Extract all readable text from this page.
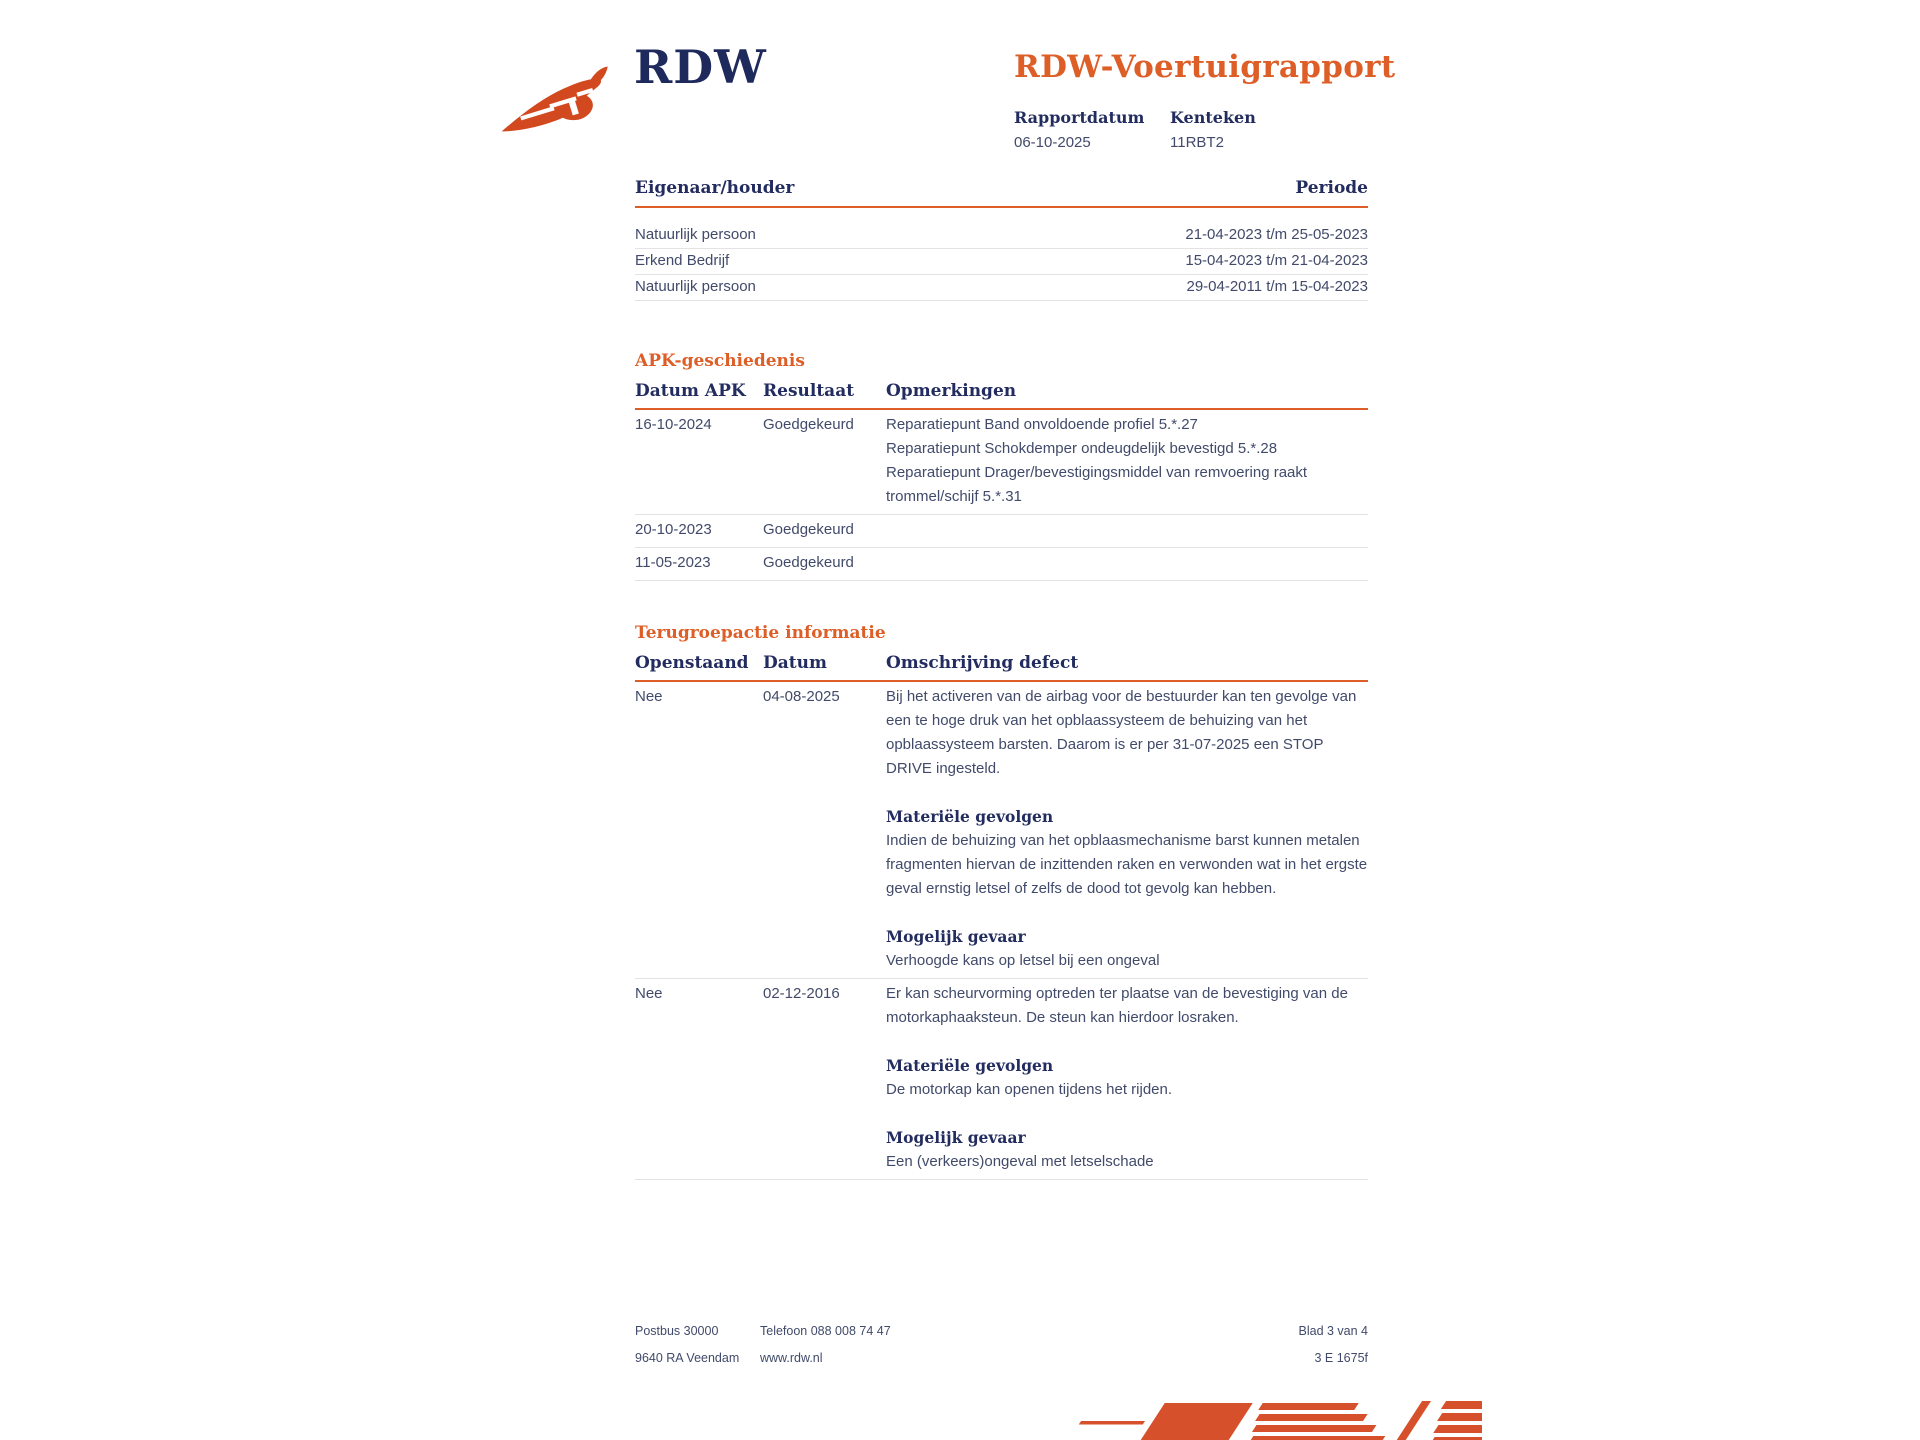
RDW	RDW-Voertuigrapport
Rapportdatum
06-10-2025
Kenteken
11RBT2
Eigenaar/houder	Periode
Natuurlijk persoon	21-04-2023 t/m 25-05-2023
Erkend Bedrijf	15-04-2023 t/m 21-04-2023
Natuurlijk persoon	29-04-2011 t/m 15-04-2023
APK-geschiedenis
Datum APK	Resultaat	Opmerkingen
16-10-2024	Goedgekeurd	Reparatiepunt Band onvoldoende profiel 5.*.27
Reparatiepunt Schokdemper ondeugdelijk bevestigd 5.*.28
Reparatiepunt Drager/bevestigingsmiddel van remvoering raakt trommel/schijf 5.*.31
20-10-2023	Goedgekeurd
11-05-2023	Goedgekeurd
Terugroepactie informatie
Openstaand Datum	Omschrijving defect
Nee	04-08-2025	Bij het activeren van de airbag voor de bestuurder kan ten gevolge van een te hoge druk van het opblaassysteem de behuizing van het opblaassysteem barsten. Daarom is er per 31-07-2025 een STOP DRIVE ingesteld.

Materiële gevolgen

Indien de behuizing van het opblaasmechanisme barst kunnen metalen fragmenten hiervan de inzittenden raken en verwonden wat in het ergste geval ernstig letsel of zelfs de dood tot gevolg kan hebben.

Mogelijk gevaar

Verhoogde kans op letsel bij een ongeval

Nee	02-12-2016	Er kan scheurvorming optreden ter plaatse van de bevestiging van de motorkaphaaksteun. De steun kan hierdoor losraken.

Materiële gevolgen

De motorkap kan openen tijdens het rijden.

Mogelijk gevaar

Een (verkeers)ongeval met letselschade

Postbus 30000
9640 RA Veendam
Telefoon 088 008 74 47
www.rdw.nl
Blad 3 van 4
3 E 1675f
